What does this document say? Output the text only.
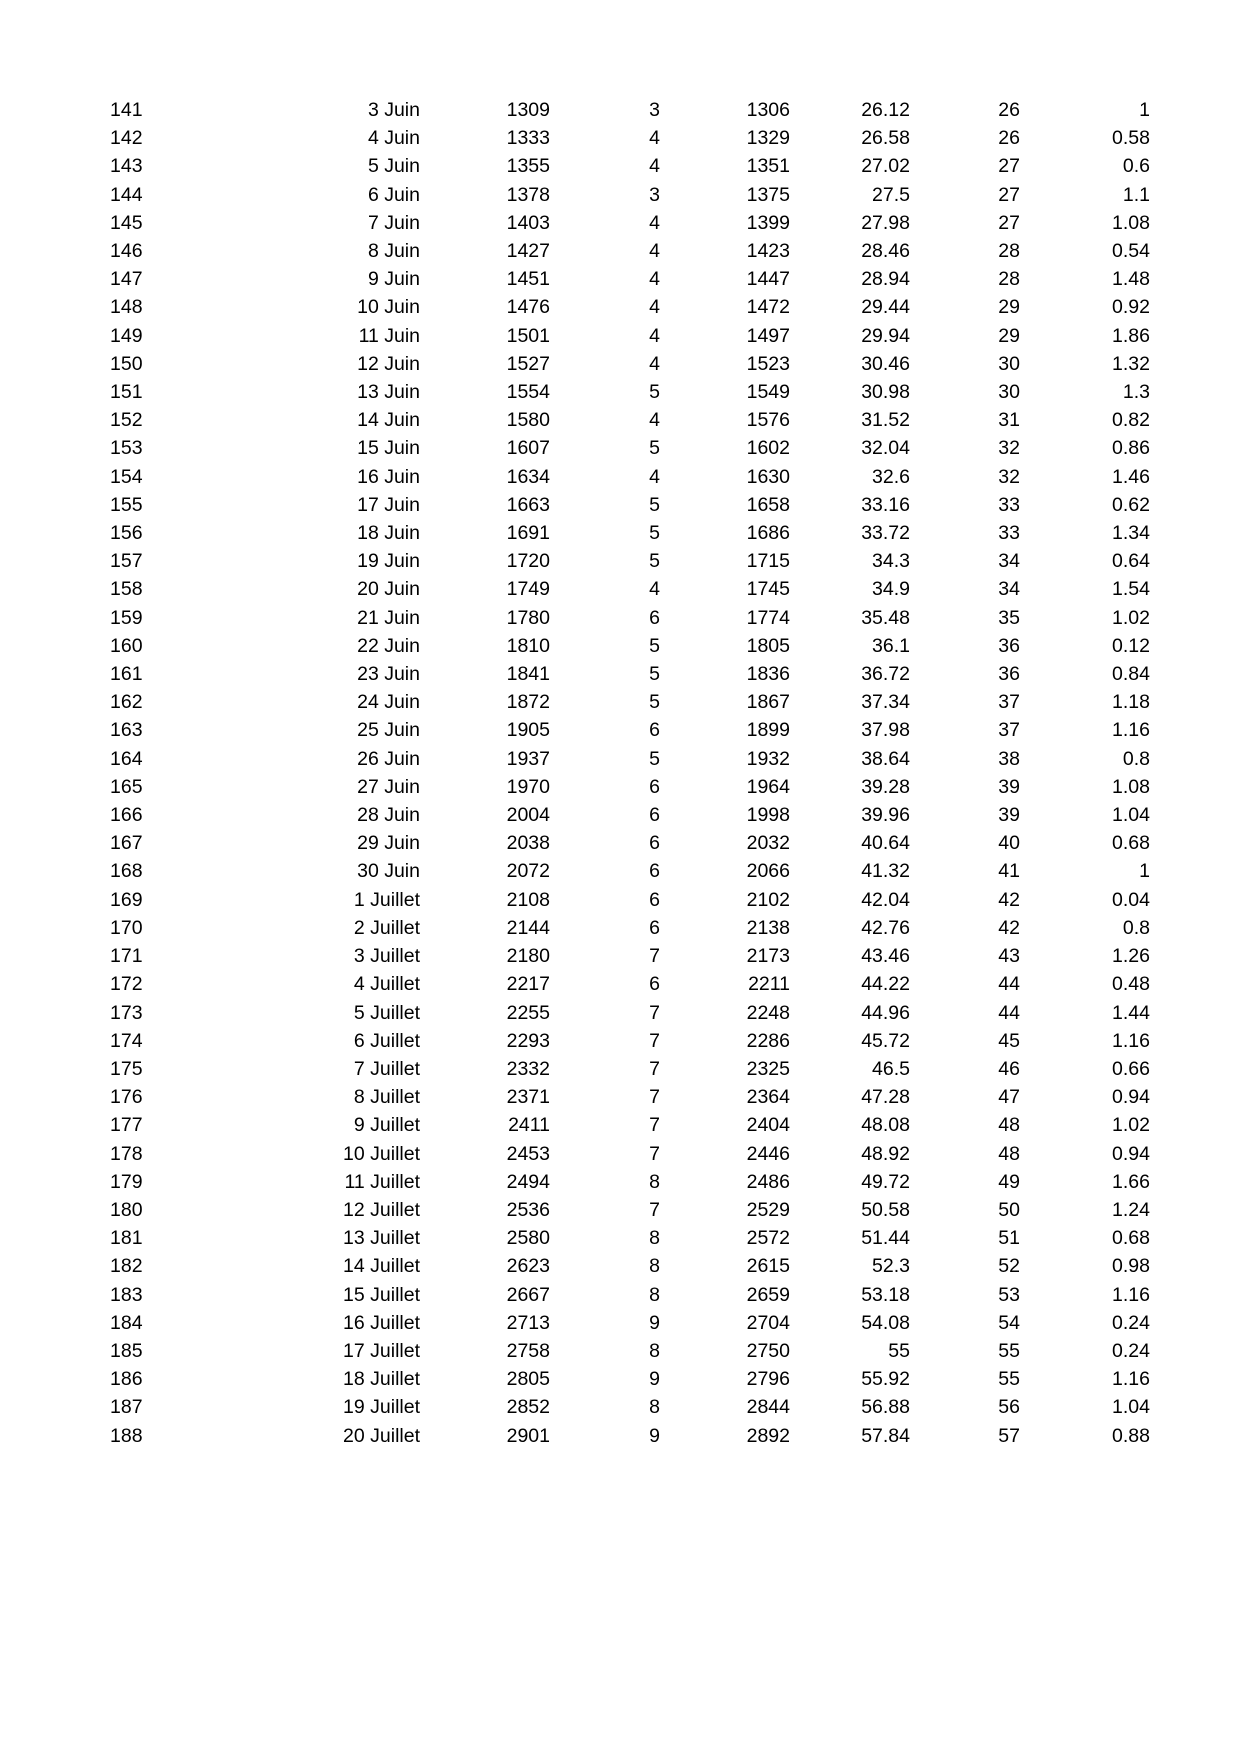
141	3 Juin	1309	3	1306	26.12	26	1
142	4 Juin	1333	4	1329	26.58	26	0.58
143	5 Juin	1355	4	1351	27.02	27	0.6
144	6 Juin	1378	3	1375	27.5	27	1.1
145	7 Juin	1403	4	1399	27.98	27	1.08
146	8 Juin	1427	4	1423	28.46	28	0.54
147	9 Juin	1451	4	1447	28.94	28	1.48
148	10 Juin	1476	4	1472	29.44	29	0.92
149	11 Juin	1501	4	1497	29.94	29	1.86
150	12 Juin	1527	4	1523	30.46	30	1.32
151	13 Juin	1554	5	1549	30.98	30	1.3
152	14 Juin	1580	4	1576	31.52	31	0.82
153	15 Juin	1607	5	1602	32.04	32	0.86
154	16 Juin	1634	4	1630	32.6	32	1.46
155	17 Juin	1663	5	1658	33.16	33	0.62
156	18 Juin	1691	5	1686	33.72	33	1.34
157	19 Juin	1720	5	1715	34.3	34	0.64
158	20 Juin	1749	4	1745	34.9	34	1.54
159	21 Juin	1780	6	1774	35.48	35	1.02
160	22 Juin	1810	5	1805	36.1	36	0.12
161	23 Juin	1841	5	1836	36.72	36	0.84
162	24 Juin	1872	5	1867	37.34	37	1.18
163	25 Juin	1905	6	1899	37.98	37	1.16
164	26 Juin	1937	5	1932	38.64	38	0.8
165	27 Juin	1970	6	1964	39.28	39	1.08
166	28 Juin	2004	6	1998	39.96	39	1.04
167	29 Juin	2038	6	2032	40.64	40	0.68
168	30 Juin	2072	6	2066	41.32	41	1
169	1 Juillet	2108	6	2102	42.04	42	0.04
170	2 Juillet	2144	6	2138	42.76	42	0.8
171	3 Juillet	2180	7	2173	43.46	43	1.26
172	4 Juillet	2217	6	2211	44.22	44	0.48
173	5 Juillet	2255	7	2248	44.96	44	1.44
174	6 Juillet	2293	7	2286	45.72	45	1.16
175	7 Juillet	2332	7	2325	46.5	46	0.66
176	8 Juillet	2371	7	2364	47.28	47	0.94
177	9 Juillet	2411	7	2404	48.08	48	1.02
178	10 Juillet	2453	7	2446	48.92	48	0.94
179	11 Juillet	2494	8	2486	49.72	49	1.66
180	12 Juillet	2536	7	2529	50.58	50	1.24
181	13 Juillet	2580	8	2572	51.44	51	0.68
182	14 Juillet	2623	8	2615	52.3	52	0.98
183	15 Juillet	2667	8	2659	53.18	53	1.16
184	16 Juillet	2713	9	2704	54.08	54	0.24
185	17 Juillet	2758	8	2750	55	55	0.24
186	18 Juillet	2805	9	2796	55.92	55	1.16
187	19 Juillet	2852	8	2844	56.88	56	1.04
188	20 Juillet	2901	9	2892	57.84	57	0.88
